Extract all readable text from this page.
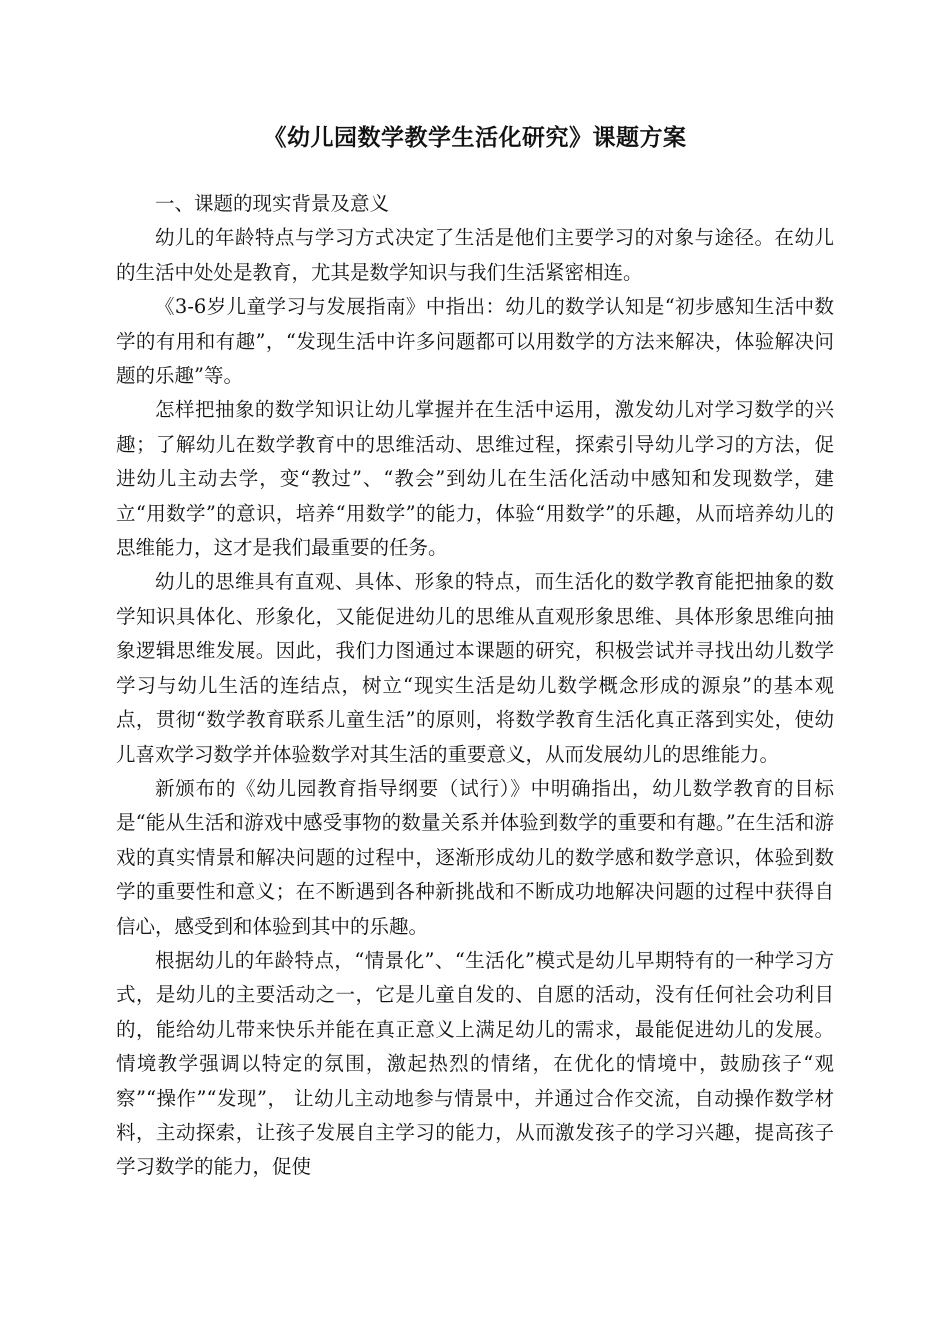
《幼儿园数学教学生活化研究》课题方案

一、课题的现实背景及意义

幼儿的年龄特点与学习方式决定了生活是他们主要学习的对象与途径。在幼儿的生活中处处是教育，尤其是数学知识与我们生活紧密相连。

《3-6岁儿童学习与发展指南》中指出：幼儿的数学认知是“初步感知生活中数学的有用和有趣”，“发现生活中许多问题都可以用数学的方法来解决，体验解决问题的乐趣”等。

怎样把抽象的数学知识让幼儿掌握并在生活中运用，激发幼儿对学习数学的兴趣；了解幼儿在数学教育中的思维活动、思维过程，探索引导幼儿学习的方法，促进幼儿主动去学，变“教过”、“教会”到幼儿在生活化活动中感知和发现数学，建立“用数学”的意识，培养“用数学”的能力，体验“用数学”的乐趣，从而培养幼儿的思维能力，这才是我们最重要的任务。

幼儿的思维具有直观、具体、形象的特点，而生活化的数学教育能把抽象的数学知识具体化、形象化，又能促进幼儿的思维从直观形象思维、具体形象思维向抽象逻辑思维发展。因此，我们力图通过本课题的研究，积极尝试并寻找出幼儿数学学习与幼儿生活的连结点，树立“现实生活是幼儿数学概念形成的源泉”的基本观点，贯彻“数学教育联系儿童生活”的原则，将数学教育生活化真正落到实处，使幼儿喜欢学习数学并体验数学对其生活的重要意义，从而发展幼儿的思维能力。

新颁布的《幼儿园教育指导纲要（试行）》中明确指出，幼儿数学教育的目标是“能从生活和游戏中感受事物的数量关系并体验到数学的重要和有趣。”在生活和游戏的真实情景和解决问题的过程中，逐渐形成幼儿的数学感和数学意识，体验到数学的重要性和意义；在不断遇到各种新挑战和不断成功地解决问题的过程中获得自信心，感受到和体验到其中的乐趣。

根据幼儿的年龄特点，“情景化”、“生活化”模式是幼儿早期特有的一种学习方式，是幼儿的主要活动之一，它是儿童自发的、自愿的活动，没有任何社会功利目的，能给幼儿带来快乐并能在真正意义上满足幼儿的需求，最能促进幼儿的发展。情境教学强调以特定的氛围，激起热烈的情绪，在优化的情境中，鼓励孩子“观察”“操作”“发现”， 让幼儿主动地参与情景中，并通过合作交流，自动操作数学材料，主动探索，让孩子发展自主学习的能力，从而激发孩子的学习兴趣，提高孩子学习数学的能力，促使
